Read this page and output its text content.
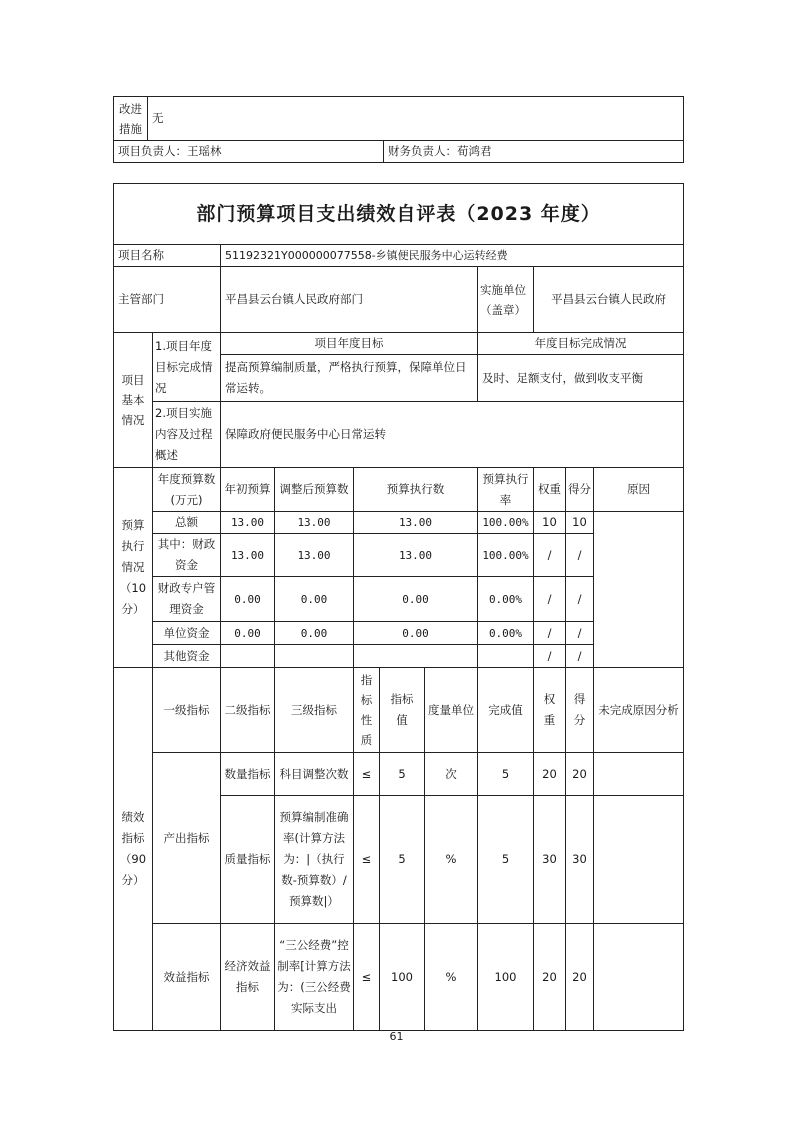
改进措施	无	
项目负责人：王瑶林		财务负责人：荀鸿君
部门预算项目支出绩效自评表（2023 年度）										
项目名称		51192321Y000000077558-乡镇便民服务中心运转经费								
主管部门		平昌县云台镇人民政府部门					实施单位（盖章）	平昌县云台镇人民政府		
项目基本情况	1.项目年度目标完成情况	项目年度目标					年度目标完成情况			
		提高预算编制质量，严格执行预算，保障单位日常运转。					及时、足额支付，做到收支平衡			
	2.项目实施内容及过程概述	保障政府便民服务中心日常运转								
预算执行情况（10分）	年度预算数(万元)	年初预算	调整后预算数	预算执行数			预算执行率	权重	得分	原因
	总额	13.00	13.00	13.00			100.00%	10	10	
	其中：财政资金	13.00	13.00	13.00			100.00%	/	/	
	财政专户管理资金	0.00	0.00	0.00			0.00%	/	/	
	单位资金	0.00	0.00	0.00			0.00%	/	/	
	其他资金							/	/	
绩效指标（90分）	一级指标	二级指标	三级指标	指标性质	指标值	度量单位	完成值	权重	得分	未完成原因分析
	产出指标	数量指标	科目调整次数	≤	5	次	5	20	20	
		质量指标	预算编制准确率(计算方法为：|（执行数-预算数）/预算数|）	≤	5	%	5	30	30	
	效益指标	经济效益指标	“三公经费”控制率[计算方法为：(三公经费实际支出	≤	100	%	100	20	20	
61
